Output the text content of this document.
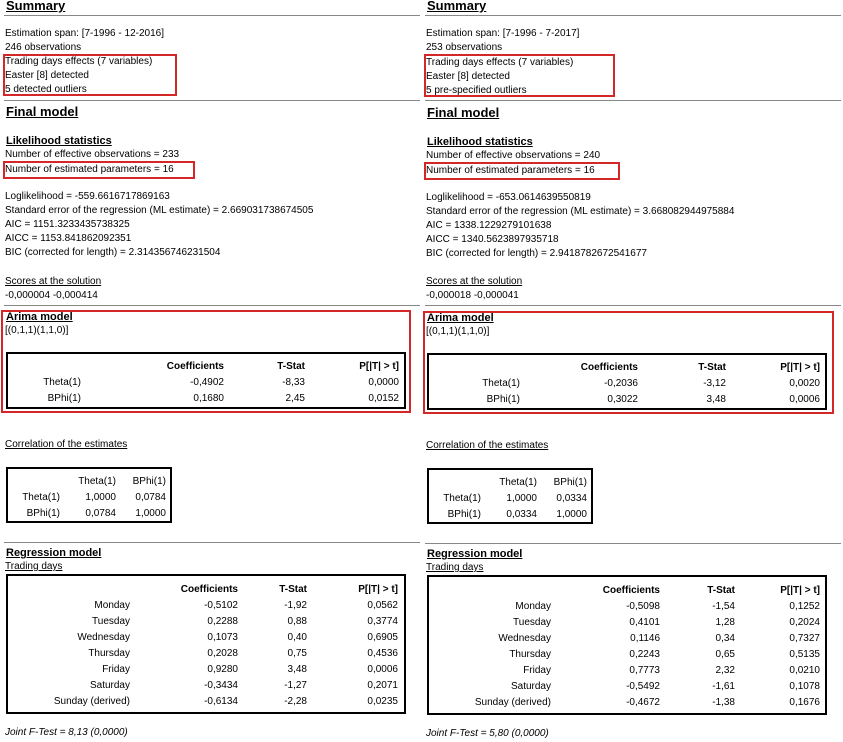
Summary
Estimation span: [7-1996 - 12-2016]
246 observations
Trading days effects (7 variables)
Easter [8] detected
5 detected outliers
Final model
Likelihood statistics
Number of effective observations = 233
Number of estimated parameters = 16
Loglikelihood = -559.6616717869163
Standard error of the regression (ML estimate) = 2.669031738674505
AIC = 1151.3233435738325
AICC = 1153.841862092351
BIC (corrected for length) = 2.314356746231504
Scores at the solution
-0,000004 -0,000414
Arima model
[(0,1,1)(1,1,0)]
	Coefficients	T-Stat	P[|T| > t]
Theta(1)	-0,4902	-8,33	0,0000
BPhi(1)	0,1680	2,45	0,0152
Correlation of the estimates
	Theta(1)	BPhi(1)
Theta(1)	1,0000	0,0784
BPhi(1)	0,0784	1,0000
Regression model
Trading days
	Coefficients	T-Stat	P[|T| > t]
Monday	-0,5102	-1,92	0,0562
Tuesday	0,2288	0,88	0,3774
Wednesday	0,1073	0,40	0,6905
Thursday	0,2028	0,75	0,4536
Friday	0,9280	3,48	0,0006
Saturday	-0,3434	-1,27	0,2071
Sunday (derived)	-0,6134	-2,28	0,0235
Joint F-Test = 8,13 (0,0000)
Summary
Estimation span: [7-1996 - 7-2017]
253 observations
Trading days effects (7 variables)
Easter [8] detected
5 pre-specified outliers
Final model
Likelihood statistics
Number of effective observations = 240
Number of estimated parameters = 16
Loglikelihood = -653.0614639550819
Standard error of the regression (ML estimate) = 3.668082944975884
AIC = 1338.1229279101638
AICC = 1340.5623897935718
BIC (corrected for length) = 2.9418782672541677
Scores at the solution
-0,000018 -0,000041
Arima model
[(0,1,1)(1,1,0)]
	Coefficients	T-Stat	P[|T| > t]
Theta(1)	-0,2036	-3,12	0,0020
BPhi(1)	0,3022	3,48	0,0006
Correlation of the estimates
	Theta(1)	BPhi(1)
Theta(1)	1,0000	0,0334
BPhi(1)	0,0334	1,0000
Regression model
Trading days
	Coefficients	T-Stat	P[|T| > t]
Monday	-0,5098	-1,54	0,1252
Tuesday	0,4101	1,28	0,2024
Wednesday	0,1146	0,34	0,7327
Thursday	0,2243	0,65	0,5135
Friday	0,7773	2,32	0,0210
Saturday	-0,5492	-1,61	0,1078
Sunday (derived)	-0,4672	-1,38	0,1676
Joint F-Test = 5,80 (0,0000)
